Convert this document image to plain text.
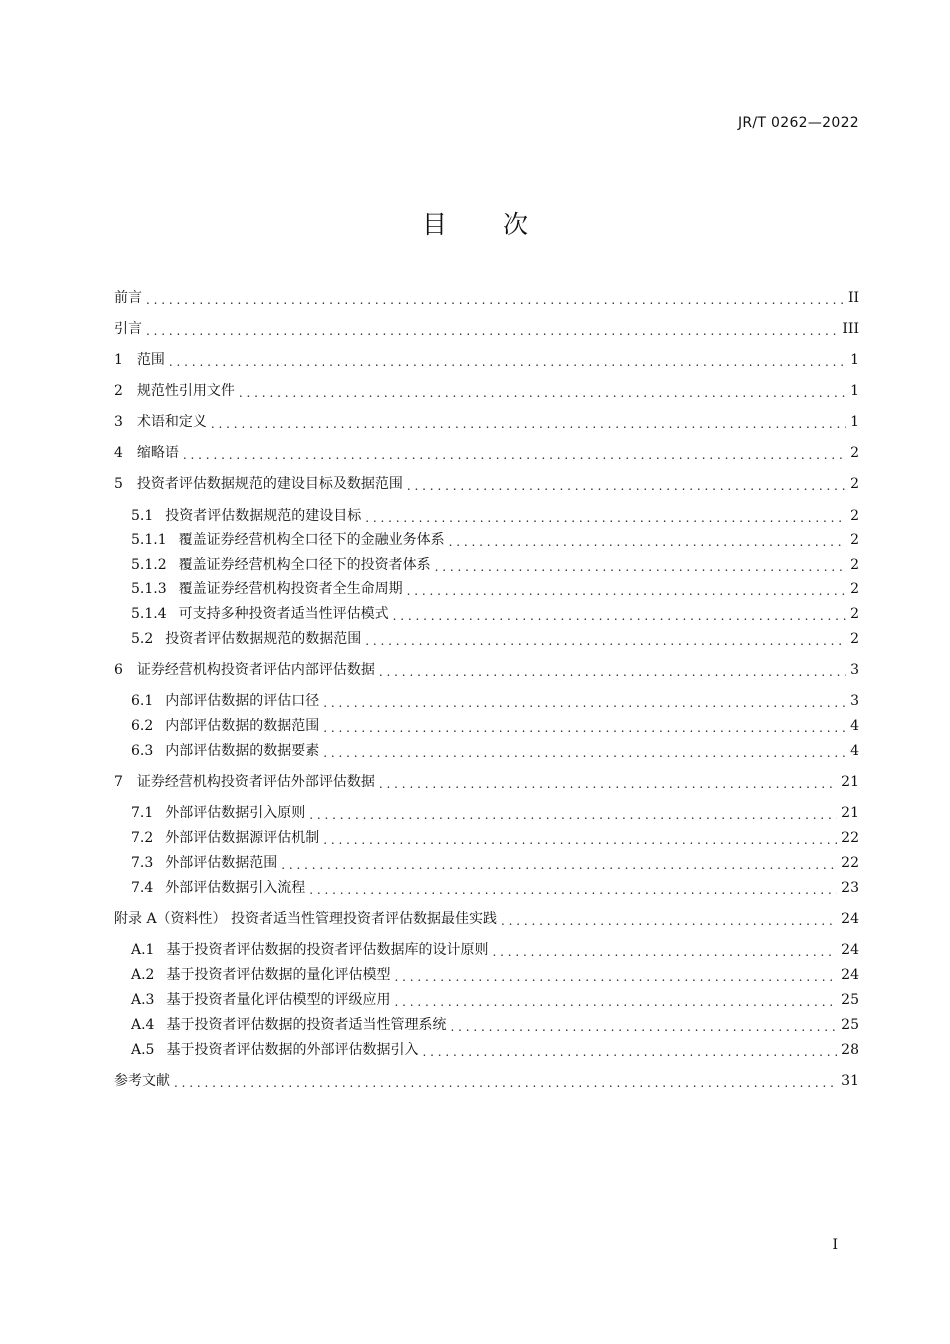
JR/T 0262—2022
目次
前言 . . .	II
引言 . . .	III
1 范围 . . .	1
2 规范性引用文件 . . .	1
3 术语和定义 . . .	1
4 缩略语 . . .	2
5 投资者评估数据规范的建设目标及数据范围 . . .	2
5.1 投资者评估数据规范的建设目标 . . .	2
5.1.1 覆盖证券经营机构全口径下的金融业务体系 . . .	2
5.1.2 覆盖证券经营机构全口径下的投资者体系 . . .	2
5.1.3 覆盖证券经营机构投资者全生命周期 . . .	2
5.1.4 可支持多种投资者适当性评估模式 . . .	2
5.2 投资者评估数据规范的数据范围 . . .	2
6 证券经营机构投资者评估内部评估数据 . . .	3
6.1 内部评估数据的评估口径 . . .	3
6.2 内部评估数据的数据范围 . . .	4
6.3 内部评估数据的数据要素 . . .	4
7 证券经营机构投资者评估外部评估数据 . . .	21
7.1 外部评估数据引入原则 . . .	21
7.2 外部评估数据源评估机制 . . .	22
7.3 外部评估数据范围 . . .	22
7.4 外部评估数据引入流程 . . .	23
附录 A（资料性） 投资者适当性管理投资者评估数据最佳实践 . . .	24
A.1 基于投资者评估数据的投资者评估数据库的设计原则 . . .	24
A.2 基于投资者评估数据的量化评估模型 . . .	24
A.3 基于投资者量化评估模型的评级应用 . . .	25
A.4 基于投资者评估数据的投资者适当性管理系统 . . .	25
A.5 基于投资者评估数据的外部评估数据引入 . . .	28
参考文献 . . .	31
I
